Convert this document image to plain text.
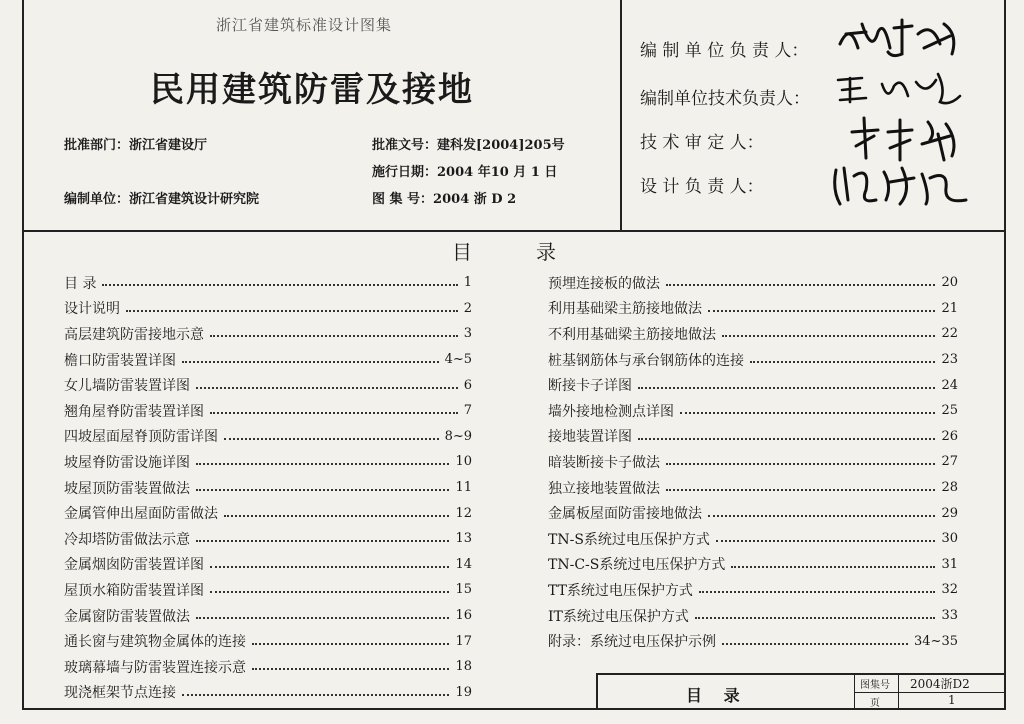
浙江省建筑标准设计图集
民用建筑防雷及接地
批准部门：浙江省建设厅
编制单位：浙江省建筑设计研究院
批准文号：建科发[2004]205号
施行日期：2004 年10 月 1 日
图 集 号：2004 浙 D 2
编 制 单 位 负 责 人：
编制单位技术负责人：
技 术 审 定 人：
设 计 负 责 人：
目录
目 录	1
设计说明	2
高层建筑防雷接地示意	3
檐口防雷装置详图	4~5
女儿墙防雷装置详图	6
翘角屋脊防雷装置详图	7
四坡屋面屋脊顶防雷详图	8~9
坡屋脊防雷设施详图	10
坡屋顶防雷装置做法	11
金属管伸出屋面防雷做法	12
冷却塔防雷做法示意	13
金属烟囱防雷装置详图	14
屋顶水箱防雷装置详图	15
金属窗防雷装置做法	16
通长窗与建筑物金属体的连接	17
玻璃幕墙与防雷装置连接示意	18
现浇框架节点连接	19
预埋连接板的做法	20
利用基础梁主筋接地做法	21
不利用基础梁主筋接地做法	22
桩基钢筋体与承台钢筋体的连接	23
断接卡子详图	24
墙外接地检测点详图	25
接地装置详图	26
暗装断接卡子做法	27
独立接地装置做法	28
金属板屋面防雷接地做法	29
TN-S系统过电压保护方式	30
TN-C-S系统过电压保护方式	31
TT系统过电压保护方式	32
IT系统过电压保护方式	33
附录：系统过电压保护示例	34~35
目 录
图集号 2004浙D2
页	1
